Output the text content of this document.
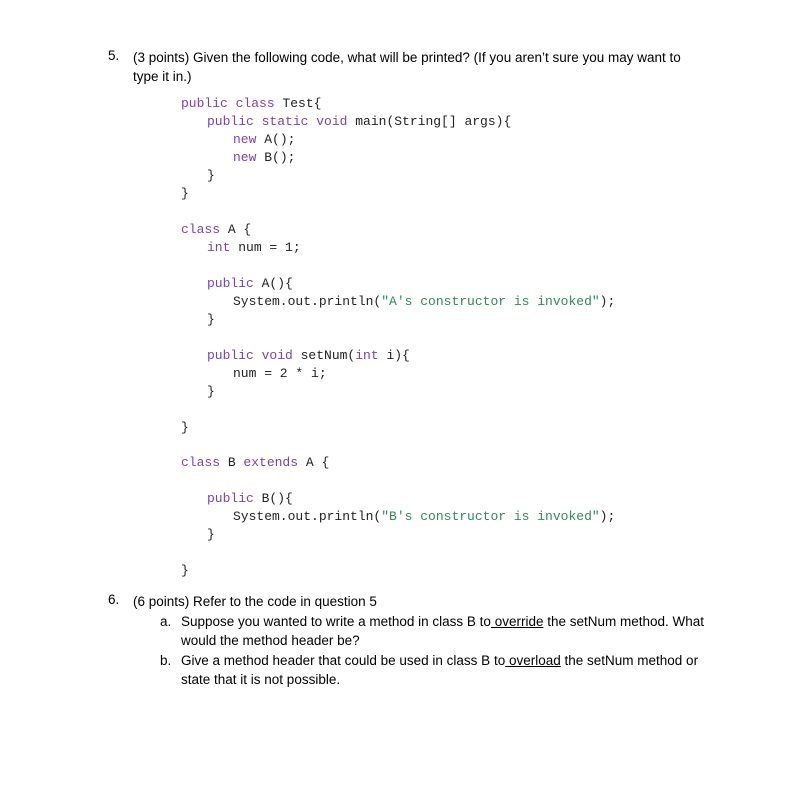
5. (3 points) Given the following code, what will be printed? (If you aren’t sure you may want to
type it in.)
public class Test{
public static void main(String[] args){
new A();
new B();
}
}
class A {
int num = 1;
public A(){
System.out.println("A's constructor is invoked");
}
public void setNum(int i){
num = 2 * i;
}
}
class B extends A {
public B(){
System.out.println("B's constructor is invoked");
}
}
6. (6 points) Refer to the code in question 5
a. Suppose you wanted to write a method in class B to override the setNum method. What
would the method header be?
b. Give a method header that could be used in class B to overload the setNum method or
state that it is not possible.
